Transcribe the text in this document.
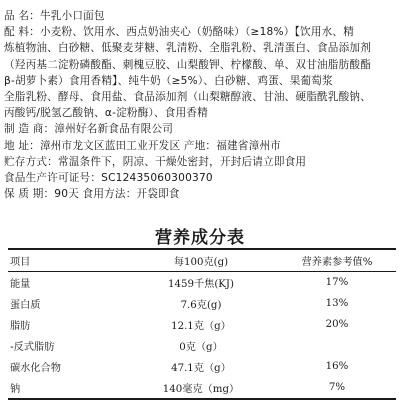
品 名：牛乳小口面包
配 料：小麦粉、饮用水、西点奶油夹心（奶酪味）（≥18%）【饮用水、精
炼植物油、白砂糖、低聚麦芽糖、乳清粉、全脂乳粉、乳清蛋白、食品添加剂
（羟丙基二淀粉磷酸酯、刺槐豆胶、山梨酸钾、柠檬酸、单、双甘油脂肪酸酯
β-胡萝卜素）食用香精】、纯牛奶（≥5%）、白砂糖、鸡蛋、果葡萄浆
全脂乳粉、酵母、食用盐、食品添加剂（山梨糖醇液、甘油、硬脂酰乳酸钠、
丙酸钙/脱氢乙酸钠、α-淀粉酶）、食用香精
制 造 商：漳州好名新食品有限公司
地 址：漳州市龙文区蓝田工业开发区 产地：福建省漳州市
贮存方式：常温条件下，阴凉、干燥处密封，开封后请立即食用
食品生产许可证号：SC12435060300370
保 质 期：90天 食用方法：开袋即食
营养成分表
项目	每100克(g)	营养素参考值%
能量	1459千焦(KJ)	17%
蛋白质	7.6克(g)	13%
脂肪	12.1克（g）	20%
-反式脂肪	0克（g）	
碳水化合物	47.1克（g）	16%
钠	140毫克（mg）	7%
